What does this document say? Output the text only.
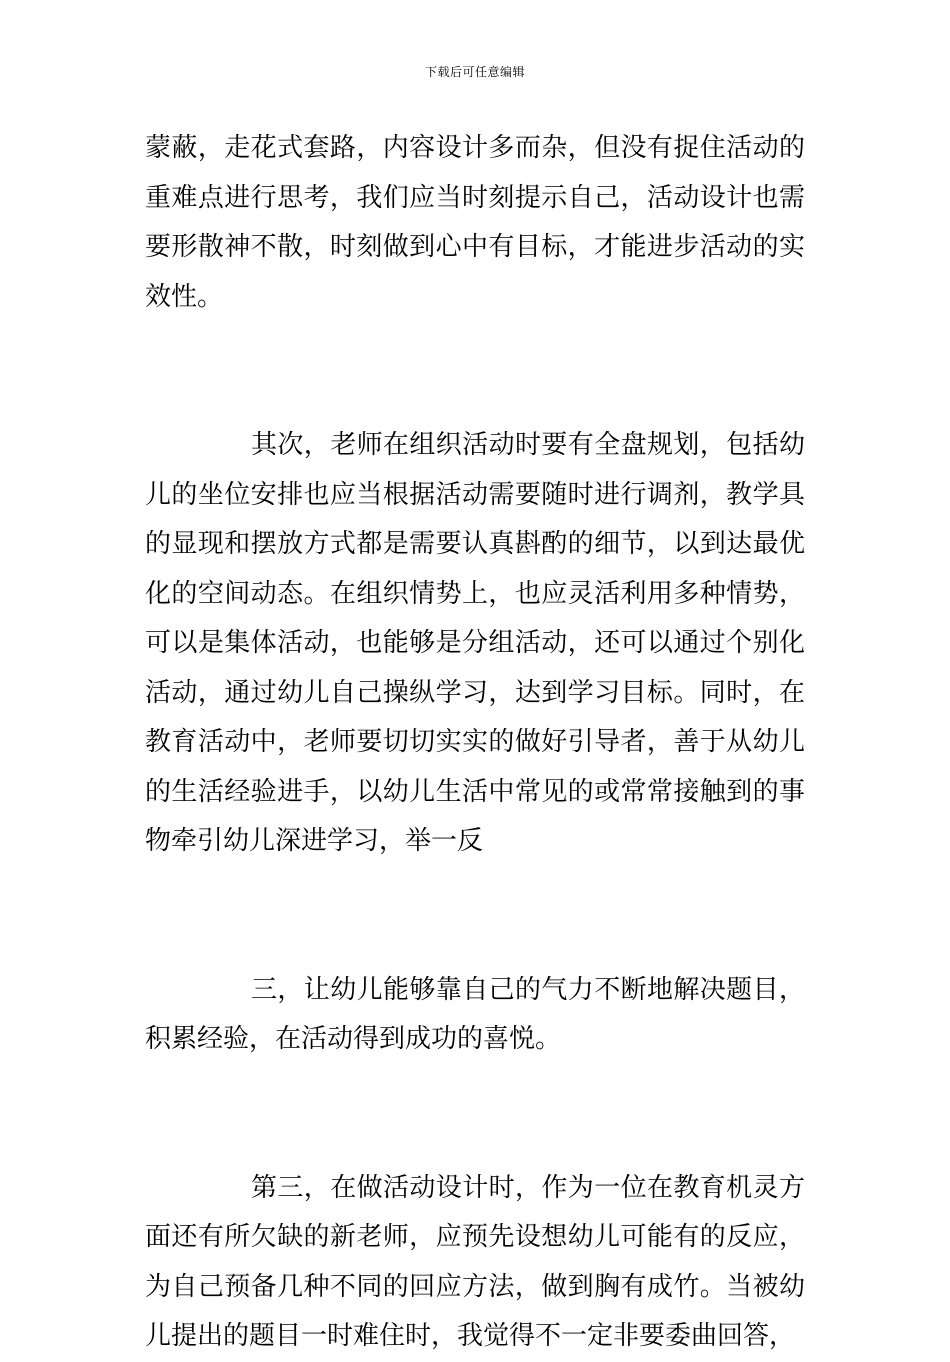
下载后可任意编辑

蒙蔽，走花式套路，内容设计多而杂，但没有捉住活动的重难点进行思考，我们应当时刻提示自己，活动设计也需要形散神不散，时刻做到心中有目标，才能进步活动的实效性。

其次，老师在组织活动时要有全盘规划，包括幼儿的坐位安排也应当根据活动需要随时进行调剂，教学具的显现和摆放方式都是需要认真斟酌的细节，以到达最优化的空间动态。在组织情势上，也应灵活利用多种情势，可以是集体活动，也能够是分组活动，还可以通过个别化活动，通过幼儿自己操纵学习，达到学习目标。同时，在教育活动中，老师要切切实实的做好引导者，善于从幼儿的生活经验进手，以幼儿生活中常见的或常常接触到的事物牵引幼儿深进学习，举一反

三，让幼儿能够靠自己的气力不断地解决题目，积累经验，在活动得到成功的喜悦。

第三，在做活动设计时，作为一位在教育机灵方面还有所欠缺的新老师，应预先设想幼儿可能有的反应，为自己预备几种不同的回应方法，做到胸有成竹。当被幼儿提出的题目一时难住时，我觉得不一定非要委曲回答，
